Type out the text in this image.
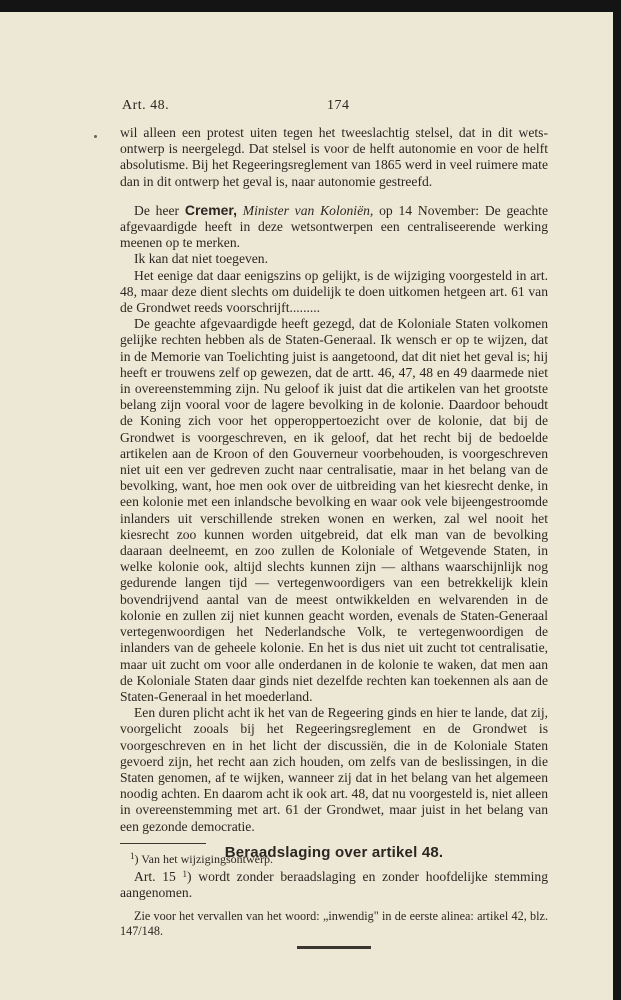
Art. 48.	174

wil alleen een protest uiten tegen het tweeslachtig stelsel, dat in dit wets-ontwerp is neergelegd. Dat stelsel is voor de helft autonomie en voor de helft absolutisme. Bij het Regeeringsreglement van 1865 werd in veel ruimere mate dan in dit ontwerp het geval is, naar autonomie gestreefd.

De heer Cremer, Minister van Koloniën, op 14 November: De geachte afgevaardigde heeft in deze wetsontwerpen een centraliseerende werking meenen op te merken.

Ik kan dat niet toegeven.

Het eenige dat daar eenigszins op gelijkt, is de wijziging voorgesteld in art. 48, maar deze dient slechts om duidelijk te doen uitkomen hetgeen art. 61 van de Grondwet reeds voorschrijft.........

De geachte afgevaardigde heeft gezegd, dat de Koloniale Staten volkomen gelijke rechten hebben als de Staten-Generaal. Ik wensch er op te wijzen, dat in de Memorie van Toelichting juist is aangetoond, dat dit niet het geval is; hij heeft er trouwens zelf op gewezen, dat de artt. 46, 47, 48 en 49 daarmede niet in overeenstemming zijn. Nu geloof ik juist dat die artikelen van het grootste belang zijn vooral voor de lagere bevolking in de kolonie. Daardoor behoudt de Koning zich voor het opperoppertoezicht over de kolonie, dat bij de Grondwet is voorgeschreven, en ik geloof, dat het recht bij de bedoelde artikelen aan de Kroon of den Gouverneur voorbehouden, is voorgeschreven niet uit een ver gedreven zucht naar centralisatie, maar in het belang van de bevolking, want, hoe men ook over de uitbreiding van het kiesrecht denke, in een kolonie met een inlandsche bevolking en waar ook vele bijeengestroomde inlanders uit verschillende streken wonen en werken, zal wel nooit het kiesrecht zoo kunnen worden uitgebreid, dat elk man van de bevolking daaraan deelneemt, en zoo zullen de Koloniale of Wetgevende Staten, in welke kolonie ook, altijd slechts kunnen zijn — althans waarschijnlijk nog gedurende langen tijd — vertegenwoordigers van een betrekkelijk klein bovendrijvend aantal van de meest ontwikkelden en welvarenden in de kolonie en zullen zij niet kunnen geacht worden, evenals de Staten-Generaal vertegenwoordigen het Nederlandsche Volk, te vertegenwoordigen de inlanders van de geheele kolonie. En het is dus niet uit zucht tot centralisatie, maar uit zucht om voor alle onderdanen in de kolonie te waken, dat men aan de Koloniale Staten daar ginds niet dezelfde rechten kan toekennen als aan de Staten-Generaal in het moederland.

Een duren plicht acht ik het van de Regeering ginds en hier te lande, dat zij, voorgelicht zooals bij het Regeeringsreglement en de Grondwet is voorgeschreven en in het licht der discussiën, die in de Koloniale Staten gevoerd zijn, het recht aan zich houden, om zelfs van de beslissingen, in die Staten genomen, af te wijken, wanneer zij dat in het belang van het algemeen noodig achten. En daarom acht ik ook art. 48, dat nu voorgesteld is, niet alleen in overeenstemming met art. 61 der Grondwet, maar juist in het belang van een gezonde democratie.

Beraadslaging over artikel 48.

Art. 15 $^1$) wordt zonder beraadslaging en zonder hoofdelijke stemming aangenomen.

Zie voor het vervallen van het woord: „inwendig" in de eerste alinea: artikel 42, blz. 147/148.

$^1$) Van het wijzigingsontwerp.
